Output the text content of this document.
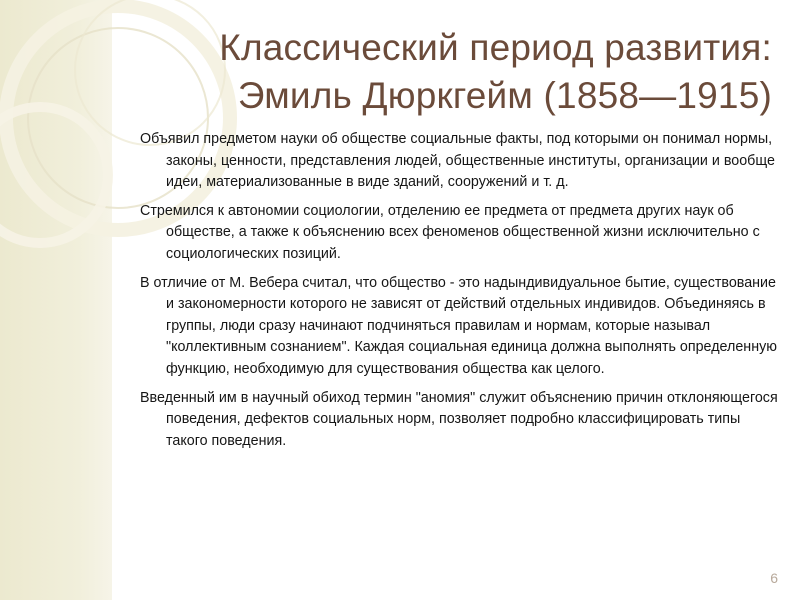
Классический период развития:
Эмиль Дюркгейм (1858—1915)

Объявил предметом науки об обществе социальные факты, под которыми он понимал нормы, законы, ценности, представления людей, общественные институты, организации и вообще идеи, материализованные в виде зданий, сооружений и т. д.

Стремился к автономии социологии, отделению ее предмета от предмета других наук об обществе, а также к объяснению всех феноменов общественной жизни исключительно с социологических позиций.

В отличие от М. Вебера считал, что общество - это надындивидуальное бытие, существование и закономерности которого не зависят от действий отдельных индивидов. Объединяясь в группы, люди сразу начинают подчиняться правилам и нормам, которые называл "коллективным сознанием". Каждая социальная единица должна выполнять определенную функцию, необходимую для существования общества как целого.

Введенный им в научный обиход термин "аномия" служит объяснению причин отклоняющегося поведения, дефектов социальных норм, позволяет подробно классифицировать типы такого поведения.

6
